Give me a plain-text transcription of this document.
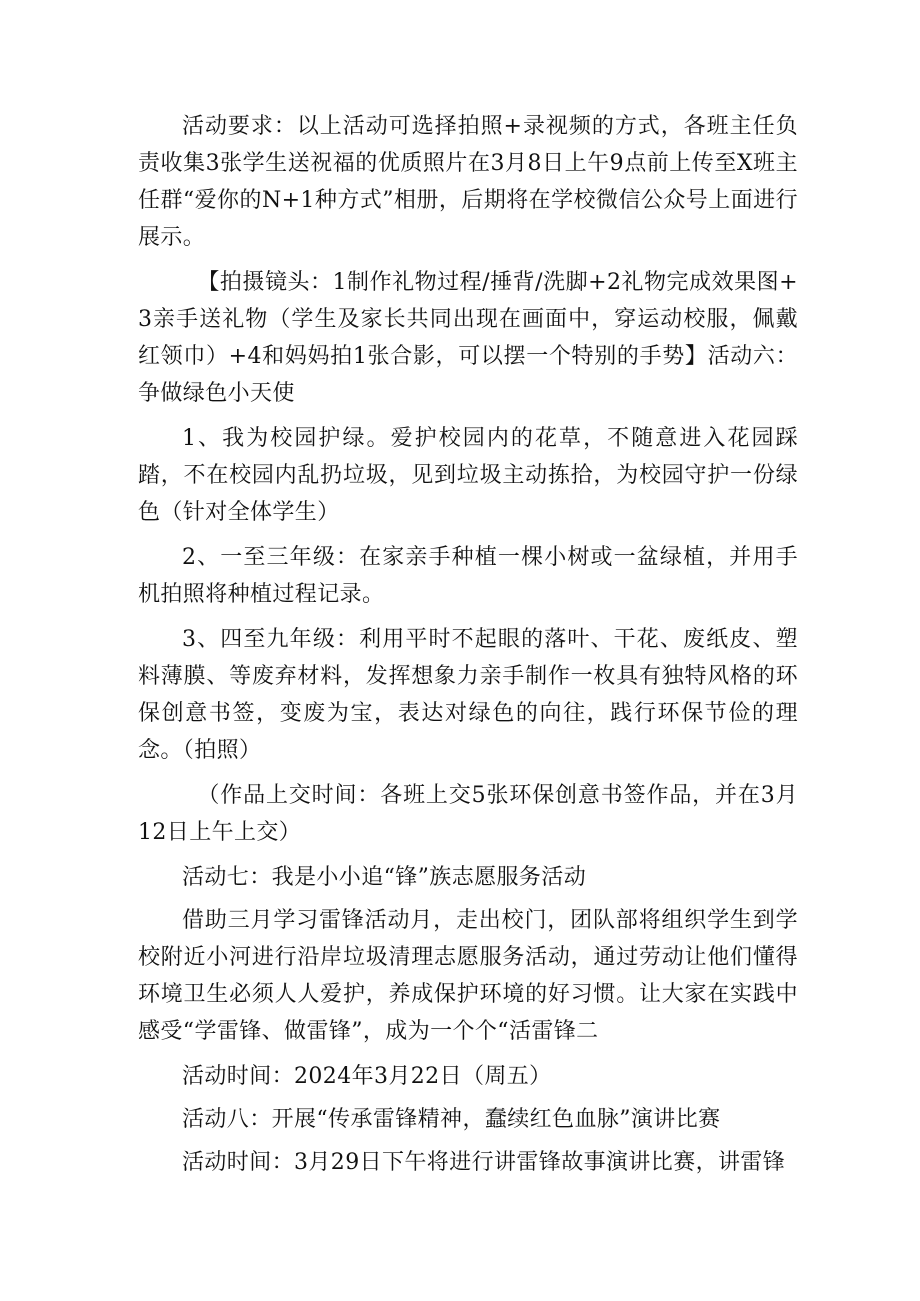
活动要求：以上活动可选择拍照+录视频的方式，各班主任负责收集3张学生送祝福的优质照片在3月8日上午9点前上传至X班主任群“爱你的N+1种方式”相册，后期将在学校微信公众号上面进行展示。

【拍摄镜头：1制作礼物过程/捶背/洗脚+2礼物完成效果图+3亲手送礼物（学生及家长共同出现在画面中，穿运动校服，佩戴红领巾）+4和妈妈拍1张合影，可以摆一个特别的手势】活动六：争做绿色小天使

1、我为校园护绿。爱护校园内的花草，不随意进入花园踩踏，不在校园内乱扔垃圾，见到垃圾主动拣拾，为校园守护一份绿色（针对全体学生）

2、一至三年级：在家亲手种植一棵小树或一盆绿植，并用手机拍照将种植过程记录。

3、四至九年级：利用平时不起眼的落叶、干花、废纸皮、塑料薄膜、等废弃材料，发挥想象力亲手制作一枚具有独特风格的环保创意书签，变废为宝，表达对绿色的向往，践行环保节俭的理念。（拍照）

（作品上交时间：各班上交5张环保创意书签作品，并在3月12日上午上交）

活动七：我是小小追“锋”族志愿服务活动

借助三月学习雷锋活动月，走出校门，团队部将组织学生到学校附近小河进行沿岸垃圾清理志愿服务活动，通过劳动让他们懂得环境卫生必须人人爱护，养成保护环境的好习惯。让大家在实践中感受“学雷锋、做雷锋”，成为一个个“活雷锋二

活动时间：2024年3月22日（周五）

活动八：开展“传承雷锋精神，蠢续红色血脉”演讲比赛

活动时间：3月29日下午将进行讲雷锋故事演讲比赛，讲雷锋
